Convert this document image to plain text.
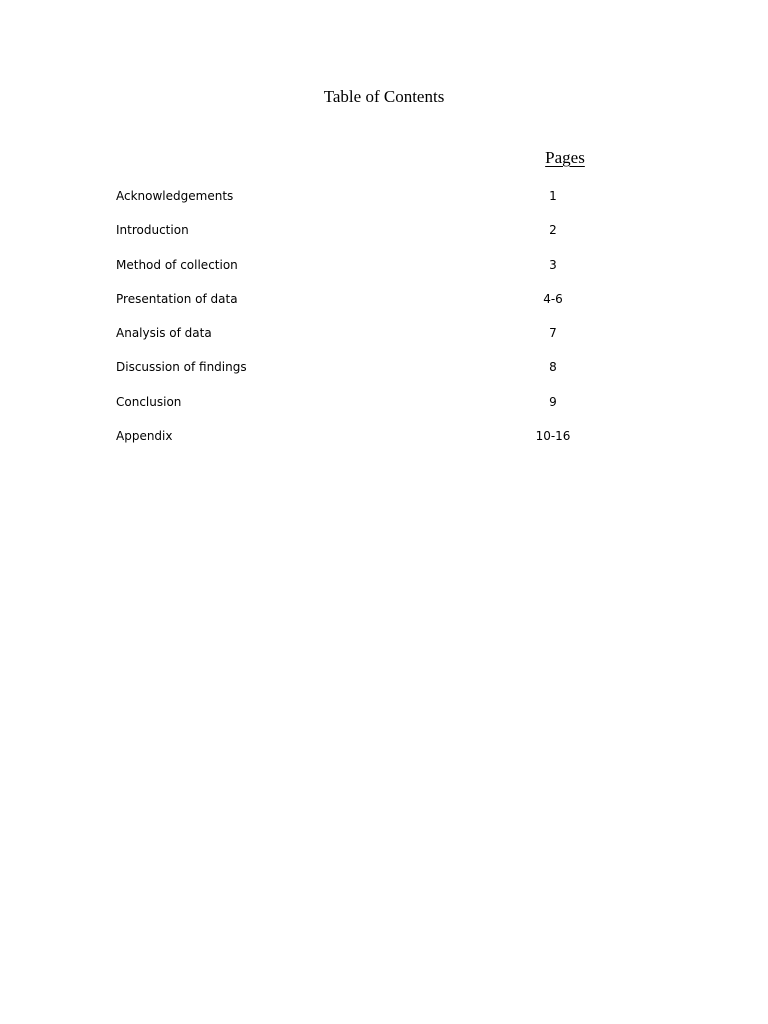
Table of Contents
Pages
Acknowledgements	1
Introduction	2
Method of collection	3
Presentation of data	4-6
Analysis of data	7
Discussion of findings	8
Conclusion	9
Appendix	10-16
